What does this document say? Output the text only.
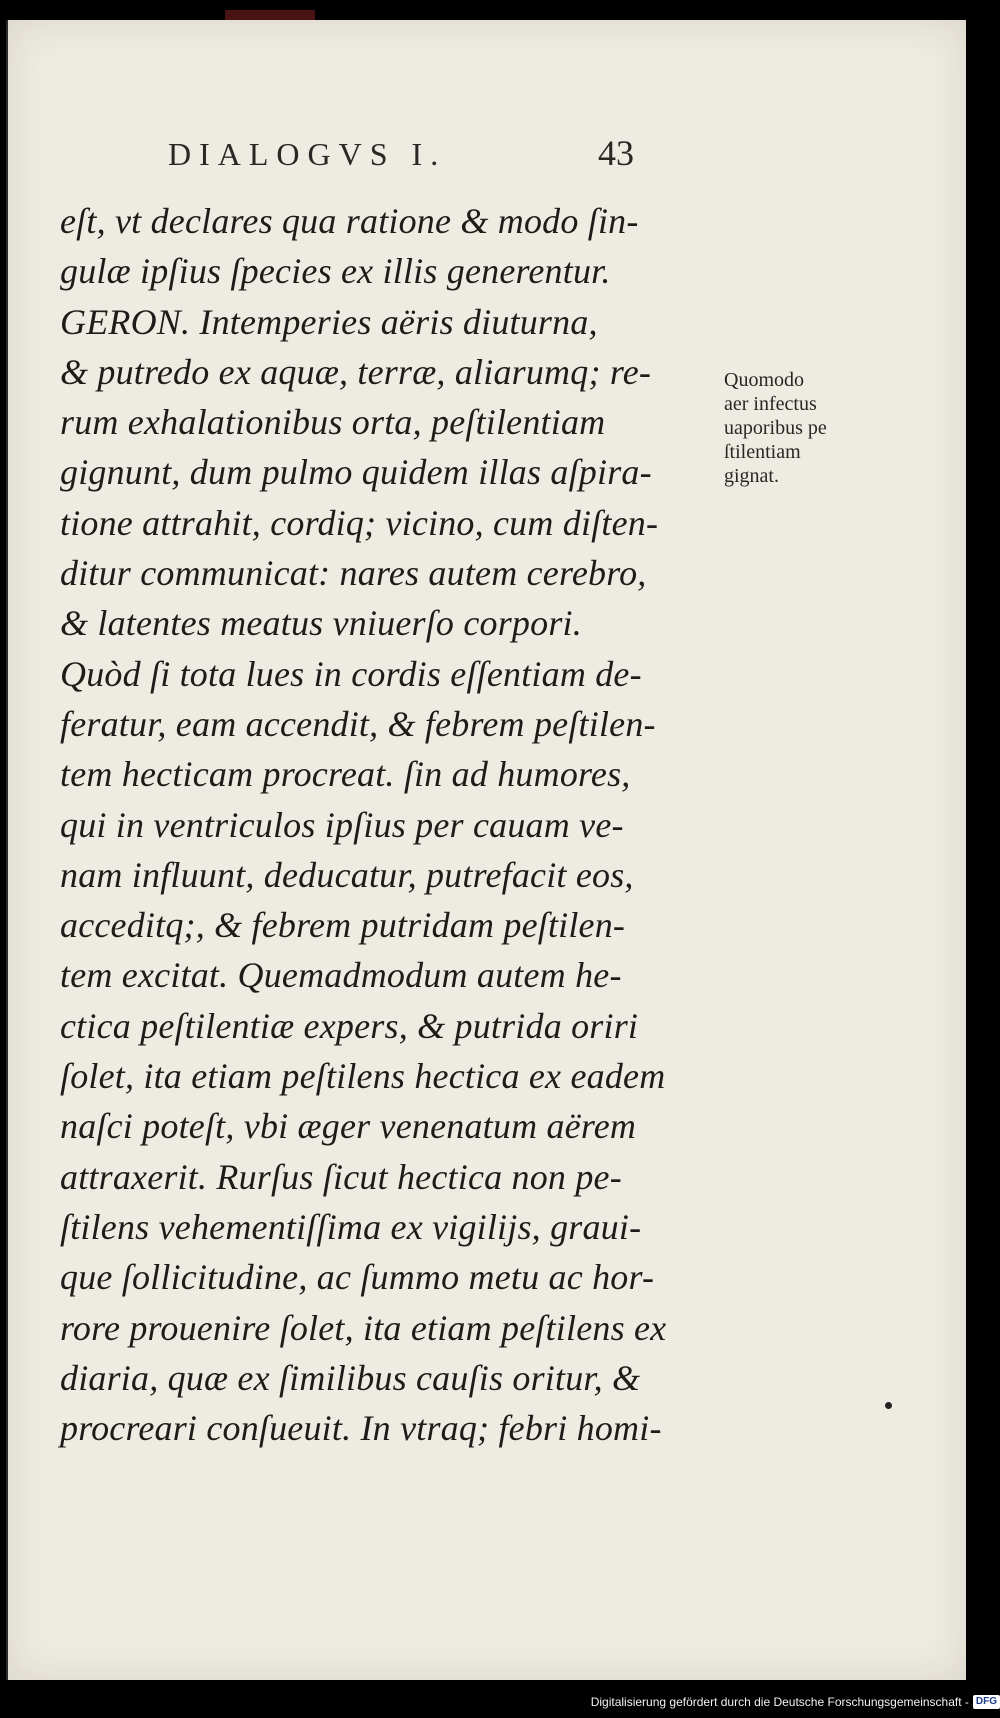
DIALOGVS I.	43
eſt, vt declares qua ratione & modo ſin-
gulæ ipſius ſpecies ex illis generentur.
GERON. Intemperies aëris diuturna,
& putredo ex aquæ, terræ, aliarumq; re-
rum exhalationibus orta, peſtilentiam
gignunt, dum pulmo quidem illas aſpira-
tione attrahit, cordiq; vicino, cum diſten-
ditur communicat: nares autem cerebro,
& latentes meatus vniuerſo corpori.
Quòd ſi tota lues in cordis eſſentiam de-
feratur, eam accendit, & febrem peſtilen-
tem hecticam procreat. ſin ad humores,
qui in ventriculos ipſius per cauam ve-
nam influunt, deducatur, putrefacit eos,
acceditq;, & febrem putridam peſtilen-
tem excitat. Quemadmodum autem he-
ctica peſtilentiæ expers, & putrida oriri
ſolet, ita etiam peſtilens hectica ex eadem
naſci poteſt, vbi æger venenatum aërem
attraxerit. Rurſus ſicut hectica non pe-
ſtilens vehementiſſima ex vigilijs, graui-
que ſollicitudine, ac ſummo metu ac hor-
rore prouenire ſolet, ita etiam peſtilens ex
diaria, quæ ex ſimilibus cauſis oritur, &
procreari conſueuit. In vtraq; febri homi-
Quomodo
aer infectus
uaporibus pe
ſtilentiam
gignat.
Digitalisierung gefördert durch die Deutsche Forschungsgemeinschaft - DFG
